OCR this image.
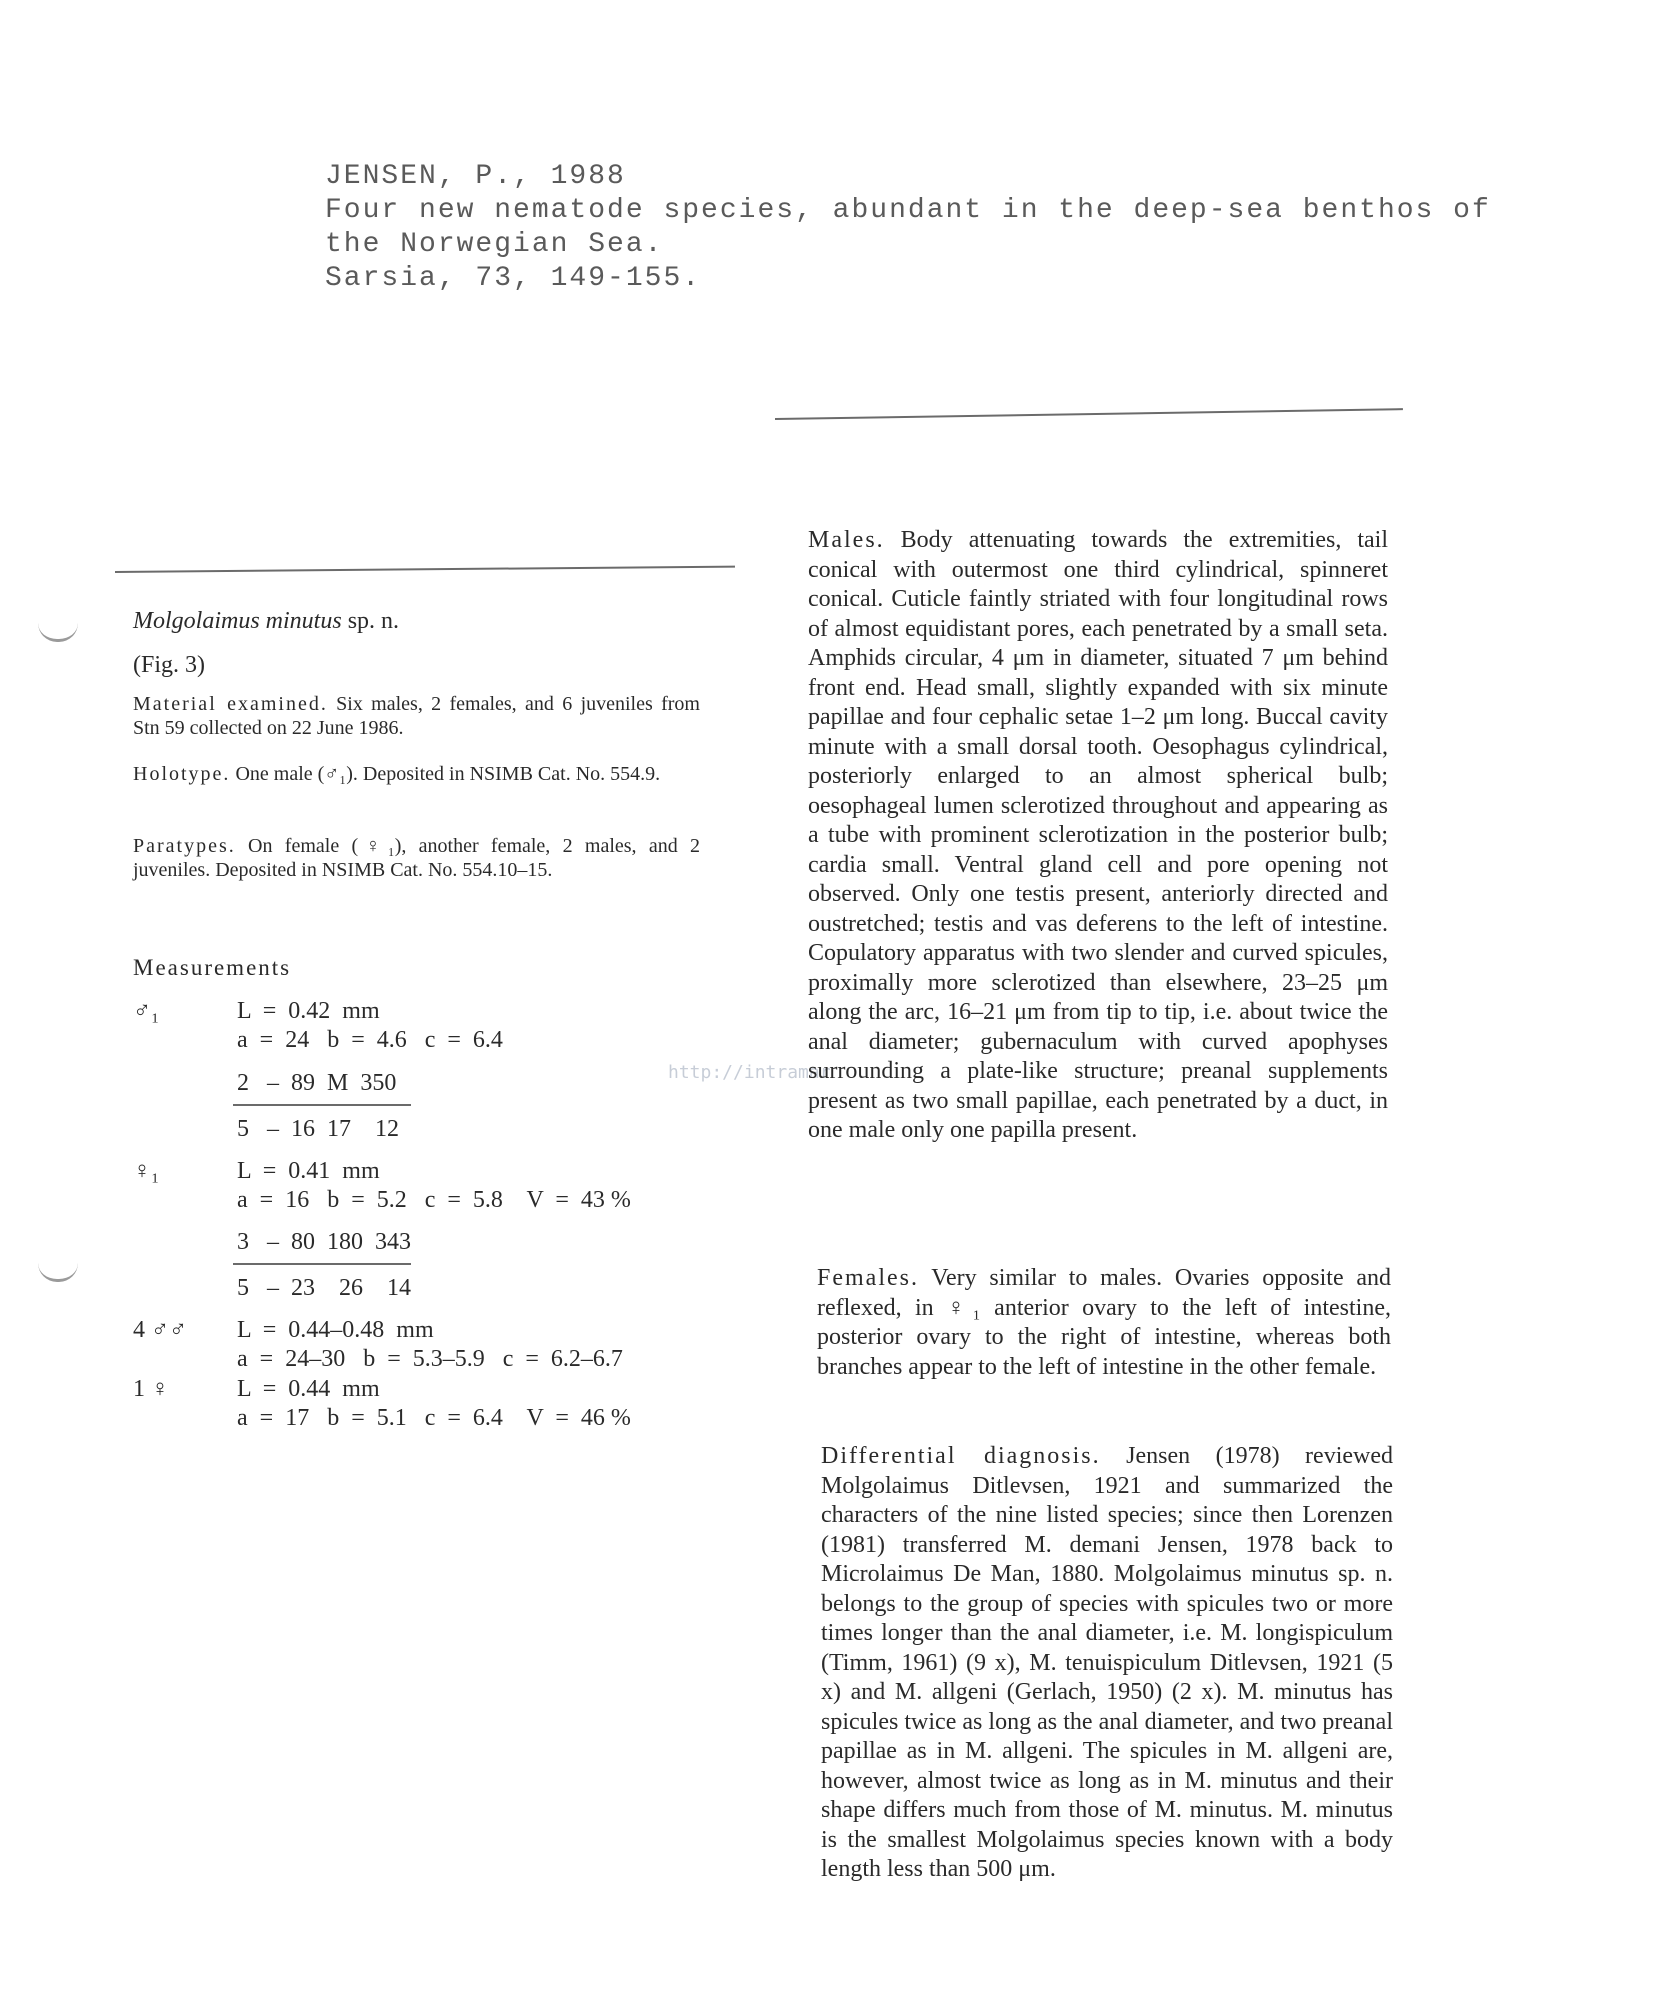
JENSEN, P., 1988
Four new nematode species, abundant in the deep-sea benthos of
the Norwegian Sea.
Sarsia, 73, 149-155.
http://intramar
Molgolaimus minutus sp. n.
(Fig. 3)
Material examined. Six males, 2 females, and 6 juveniles from Stn 59 collected on 22 June 1986.
Holotype. One male (♂₁). Deposited in NSIMB Cat. No. 554.9.
Paratypes. On female (♀₁), another female, 2 males, and 2 juveniles. Deposited in NSIMB Cat. No. 554.10–15.
Measurements
♂₁	L  =  0.42  mm
a  =  24   b  =  4.6   c  =  6.4
2   –  89  M  350
5   –  16  17    12
♀₁	L  =  0.41  mm
a  =  16   b  =  5.2   c  =  5.8    V  =  43 %
3   –  80  180  343
5   –  23    26    14
4 ♂♂ L  =  0.44–0.48  mm
a  =  24–30   b  =  5.3–5.9   c  =  6.2–6.7
1 ♀	L  =  0.44  mm
a  =  17   b  =  5.1   c  =  6.4    V  =  46 %
Males. Body attenuating towards the extremities, tail conical with outermost one third cylindrical, spinneret conical. Cuticle faintly striated with four longitudinal rows of almost equidistant pores, each penetrated by a small seta. Amphids circular, 4 μm in diameter, situated 7 μm behind front end. Head small, slightly expanded with six minute papillae and four cephalic setae 1–2 μm long. Buccal cavity minute with a small dorsal tooth. Oesophagus cylindrical, posteriorly enlarged to an almost spherical bulb; oesophageal lumen sclerotized throughout and appearing as a tube with prominent sclerotization in the posterior bulb; cardia small. Ventral gland cell and pore opening not observed. Only one testis present, anteriorly directed and oustretched; testis and vas deferens to the left of intestine. Copulatory apparatus with two slender and curved spicules, proximally more sclerotized than elsewhere, 23–25 μm along the arc, 16–21 μm from tip to tip, i.e. about twice the anal diameter; gubernaculum with curved apophyses surrounding a plate-like structure; preanal supplements present as two small papillae, each penetrated by a duct, in one male only one papilla present.
Females. Very similar to males. Ovaries opposite and reflexed, in ♀₁ anterior ovary to the left of intestine, posterior ovary to the right of intestine, whereas both branches appear to the left of intestine in the other female.
Differential diagnosis. Jensen (1978) reviewed Molgolaimus Ditlevsen, 1921 and summarized the characters of the nine listed species; since then Lorenzen (1981) transferred M. demani Jensen, 1978 back to Microlaimus De Man, 1880. Molgolaimus minutus sp. n. belongs to the group of species with spicules two or more times longer than the anal diameter, i.e. M. longispiculum (Timm, 1961) (9 x), M. tenuispiculum Ditlevsen, 1921 (5 x) and M. allgeni (Gerlach, 1950) (2 x). M. minutus has spicules twice as long as the anal diameter, and two preanal papillae as in M. allgeni. The spicules in M. allgeni are, however, almost twice as long as in M. minutus and their shape differs much from those of M. minutus. M. minutus is the smallest Molgolaimus species known with a body length less than 500 μm.
